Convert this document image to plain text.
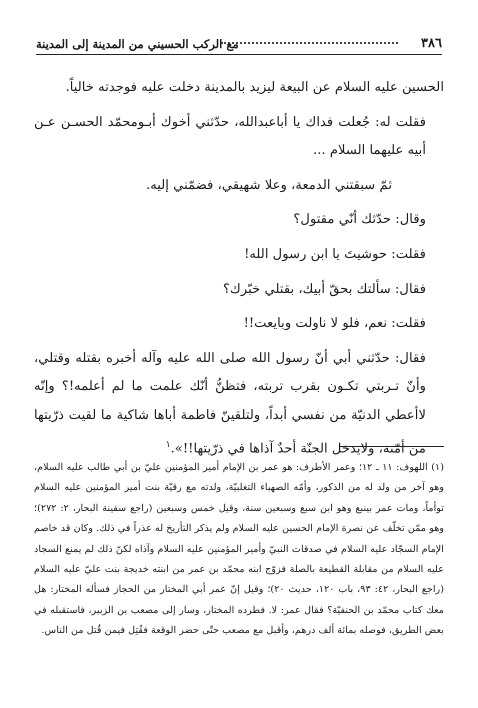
٣٨٦
مع الركب الحسيني من المدينة إلى المدينة

الحسين عليه السلام عن البيعة ليزيد بالمدينة دخلت عليه فوجدته خالياً.

فقلت له: جُعلت فداك يا أباعبدالله، حدّثني أخوك أبـومحمّد الحسـن عـن أبيه عليهما السلام ...

ثمّ سبقتني الدمعة، وعلا شهيقي، فضمّني إليه.

وقال: حدّثك أنّي مقتول؟

فقلت: حوشيتَ يا ابن رسول الله!

فقال: سألتك بحقّ أبيك، بقتلي خبّرك؟

فقلت: نعم، فلو لا ناولت وبايعت!!

فقال: حدّثني أبي أنّ رسول الله صلى الله عليه وآله أخبره بقتله وقتلي، وأنّ تـربتي تكـون بقرب تربته، فتظنُّ أنّك علمت ما لم أعلمه!؟ وإنّه لاأعطي الدنيّة من نفسي أبداً، ولتلقينّ فاطمة أباها شاكية ما لقيت ذرّيتها من أمّته، ولايدخل الجنّة أحدٌ آذاها في ذرّيتها!!».$^١$

(١) اللهوف: ١١ ـ ١٢؛ وعمر الأطرف: هو عمر بن الإمام أمير المؤمنين عليّ بن أبي طالب عليه السلام، وهو آخر من ولد له من الذكور، وأمّه الصهباء التغلبيّة، ولدته مع رقيّة بنت أمير المؤمنين عليه السلام توأماً، ومات عمر بينبع وهو ابن سبع وسبعين سنة، وقيل خمس وسبعين (راجع سفينة البحار، ٢: ٢٧٢)؛ وهو ممّن تخلّف عن نصرة الإمام الحسين عليه السلام ولم يذكر التأريخ له عذراً في ذلك. وكان قد خاصم الإمام السجّاد عليه السلام في صدقات النبيّ وأمير المؤمنين عليه السلام وآذاه لكنّ ذلك لم يمنع السجاد عليه السلام من مقابلة القطيعة بالصلة فزوّج ابنه محمّد بن عمر من ابنته خديجة بنت عليّ عليه السلام (راجع البحار، ٤٢: ٩٣، باب ١٢٠، حديث ٢٠)؛ وقيل إنّ عمر أبي المختار من الحجاز فسأله المختار: هل معك كتاب محمّد بن الحنفيّة؟ فقال عمر: لا. فطرده المختار، وسار إلى مصعب بن الزبير، فاستقبله في بعض الطريق، فوصله بمائة ألف درهم، وأقبل مع مصعب حتّى حضر الوقعة فقُتِل فيمن قُتل من الناس.
